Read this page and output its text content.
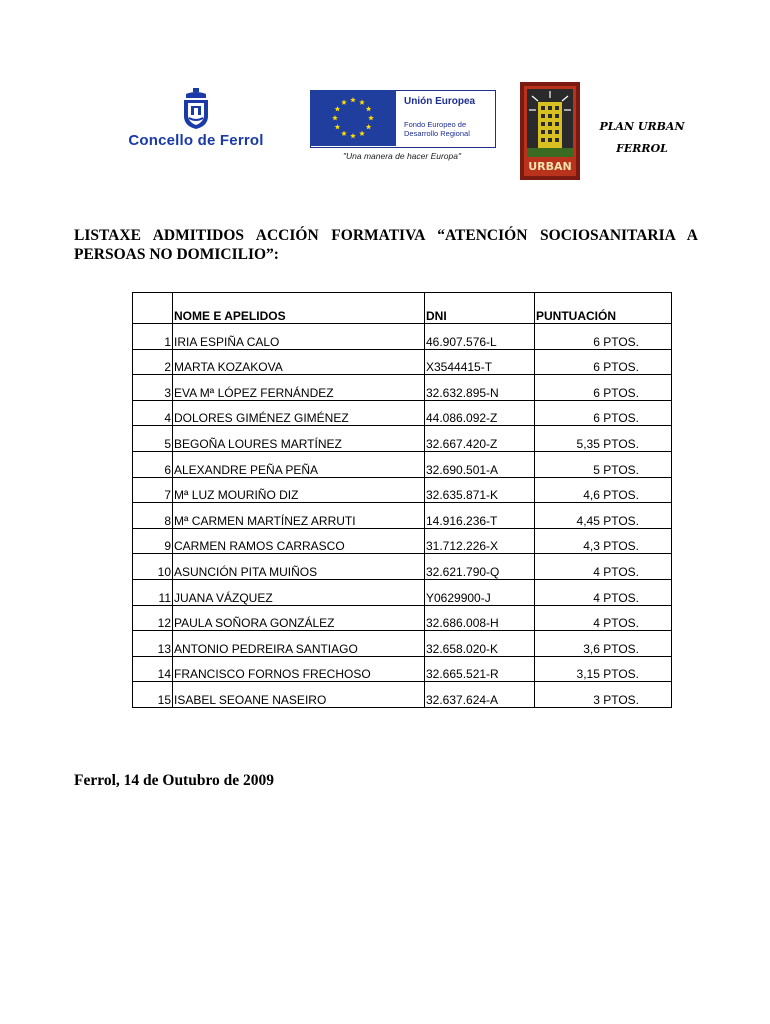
Concello de Ferrol
Unión Europea
Fondo Europeo de
Desarrollo Regional
"Una manera de hacer Europa"
URBAN
PLAN URBAN
FERROL
LISTAXE ADMITIDOS ACCIÓN FORMATIVA “ATENCIÓN SOCIOSANITARIA A
PERSOAS NO DOMICILIO”:
	NOME E APELIDOS	DNI	PUNTUACIÓN
1	IRIA ESPIÑA CALO	46.907.576-L	6 PTOS.
2	MARTA KOZAKOVA	X3544415-T	6 PTOS.
3	EVA Mª LÓPEZ FERNÁNDEZ	32.632.895-N	6 PTOS.
4	DOLORES GIMÉNEZ GIMÉNEZ	44.086.092-Z	6 PTOS.
5	BEGOÑA LOURES MARTÍNEZ	32.667.420-Z	5,35 PTOS.
6	ALEXANDRE PEÑA PEÑA	32.690.501-A	5 PTOS.
7	Mª LUZ MOURIÑO DIZ	32.635.871-K	4,6 PTOS.
8	Mª CARMEN MARTÍNEZ ARRUTI	14.916.236-T	4,45 PTOS.
9	CARMEN RAMOS CARRASCO	31.712.226-X	4,3 PTOS.
10	ASUNCIÓN PITA MUIÑOS	32.621.790-Q	4 PTOS.
11	JUANA VÁZQUEZ	Y0629900-J	4 PTOS.
12	PAULA SOÑORA GONZÁLEZ	32.686.008-H	4 PTOS.
13	ANTONIO PEDREIRA SANTIAGO	32.658.020-K	3,6 PTOS.
14	FRANCISCO FORNOS FRECHOSO	32.665.521-R	3,15 PTOS.
15	ISABEL SEOANE NASEIRO	32.637.624-A	3 PTOS.
Ferrol, 14 de Outubro de 2009
